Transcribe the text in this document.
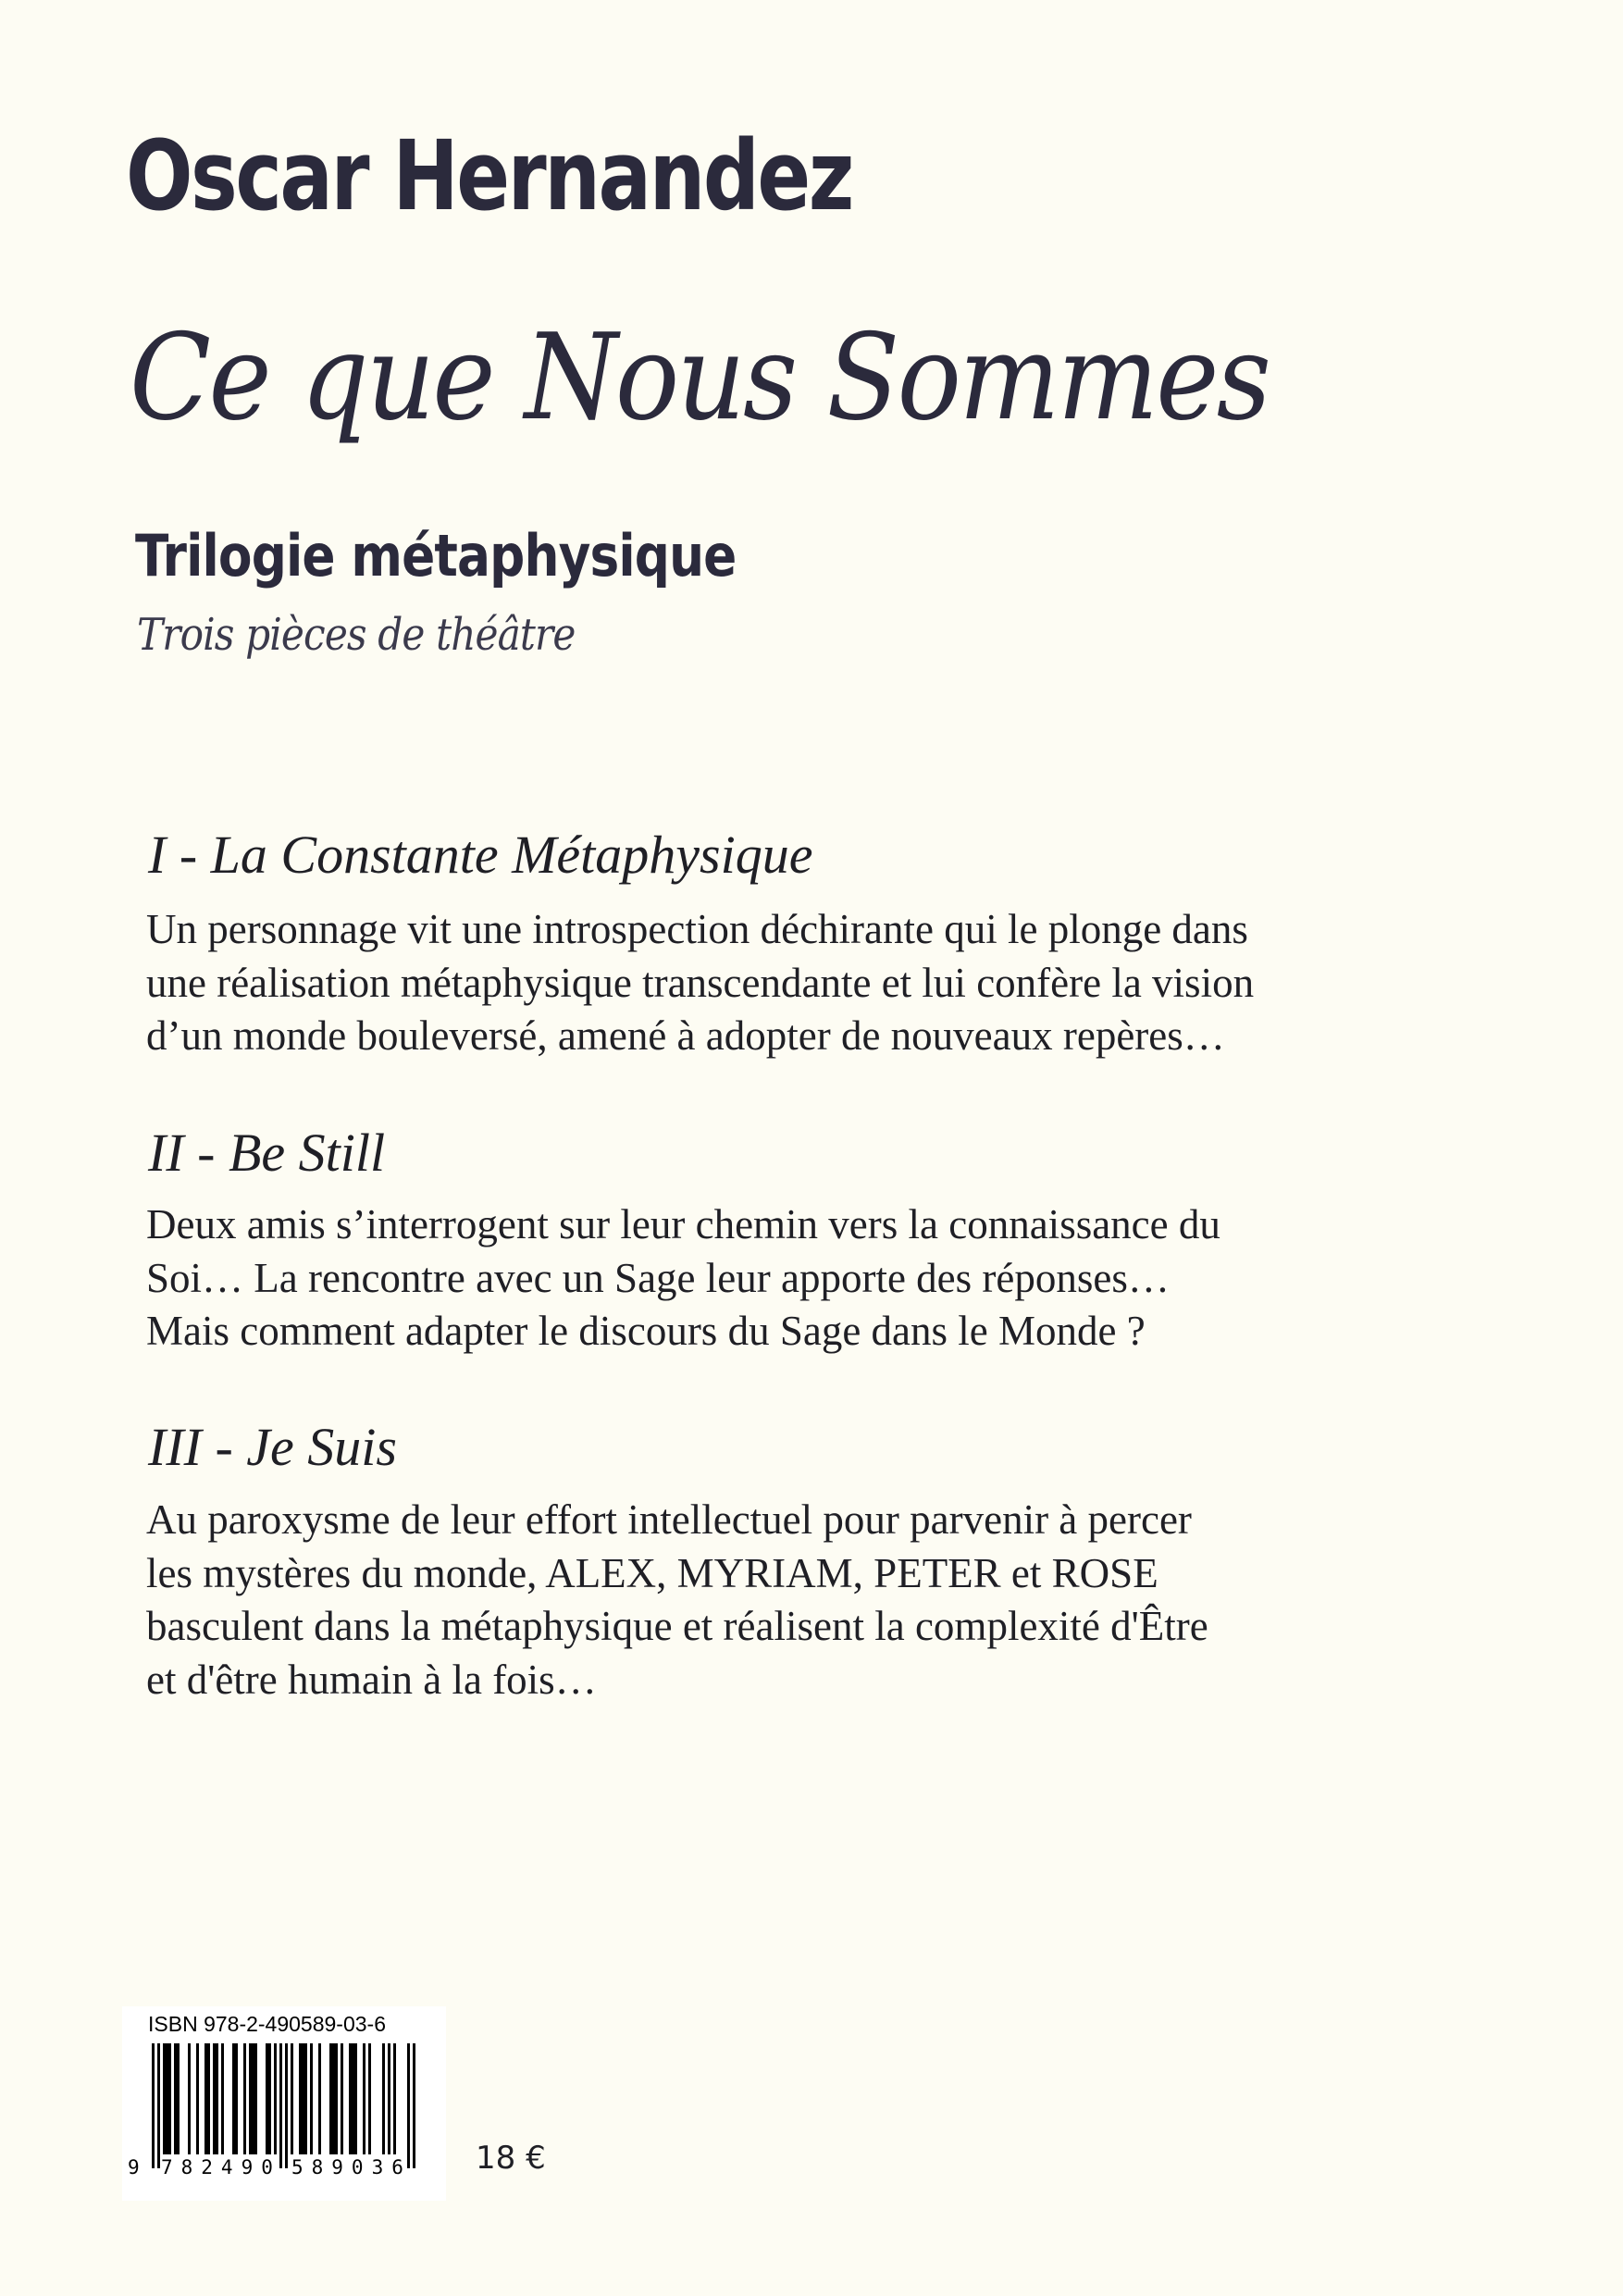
Oscar Hernandez
Ce que Nous Sommes
Trilogie métaphysique
Trois pièces de théâtre
I - La Constante Métaphysique
Un personnage vit une introspection déchirante qui le plonge dans
une réalisation métaphysique transcendante et lui confère la vision
d’un monde bouleversé, amené à adopter de nouveaux repères…
II - Be Still
Deux amis s’interrogent sur leur chemin vers la connaissance du
Soi… La rencontre avec un Sage leur apporte des réponses…
Mais comment adapter le discours du Sage dans le Monde ?
III - Je Suis
Au paroxysme de leur effort intellectuel pour parvenir à percer
les mystères du monde, ALEX, MYRIAM, PETER et ROSE
basculent dans la métaphysique et réalisent la complexité d'Être
et d'être humain à la fois…
ISBN 978-2-490589-03-6
9 782490 589036 18 €
